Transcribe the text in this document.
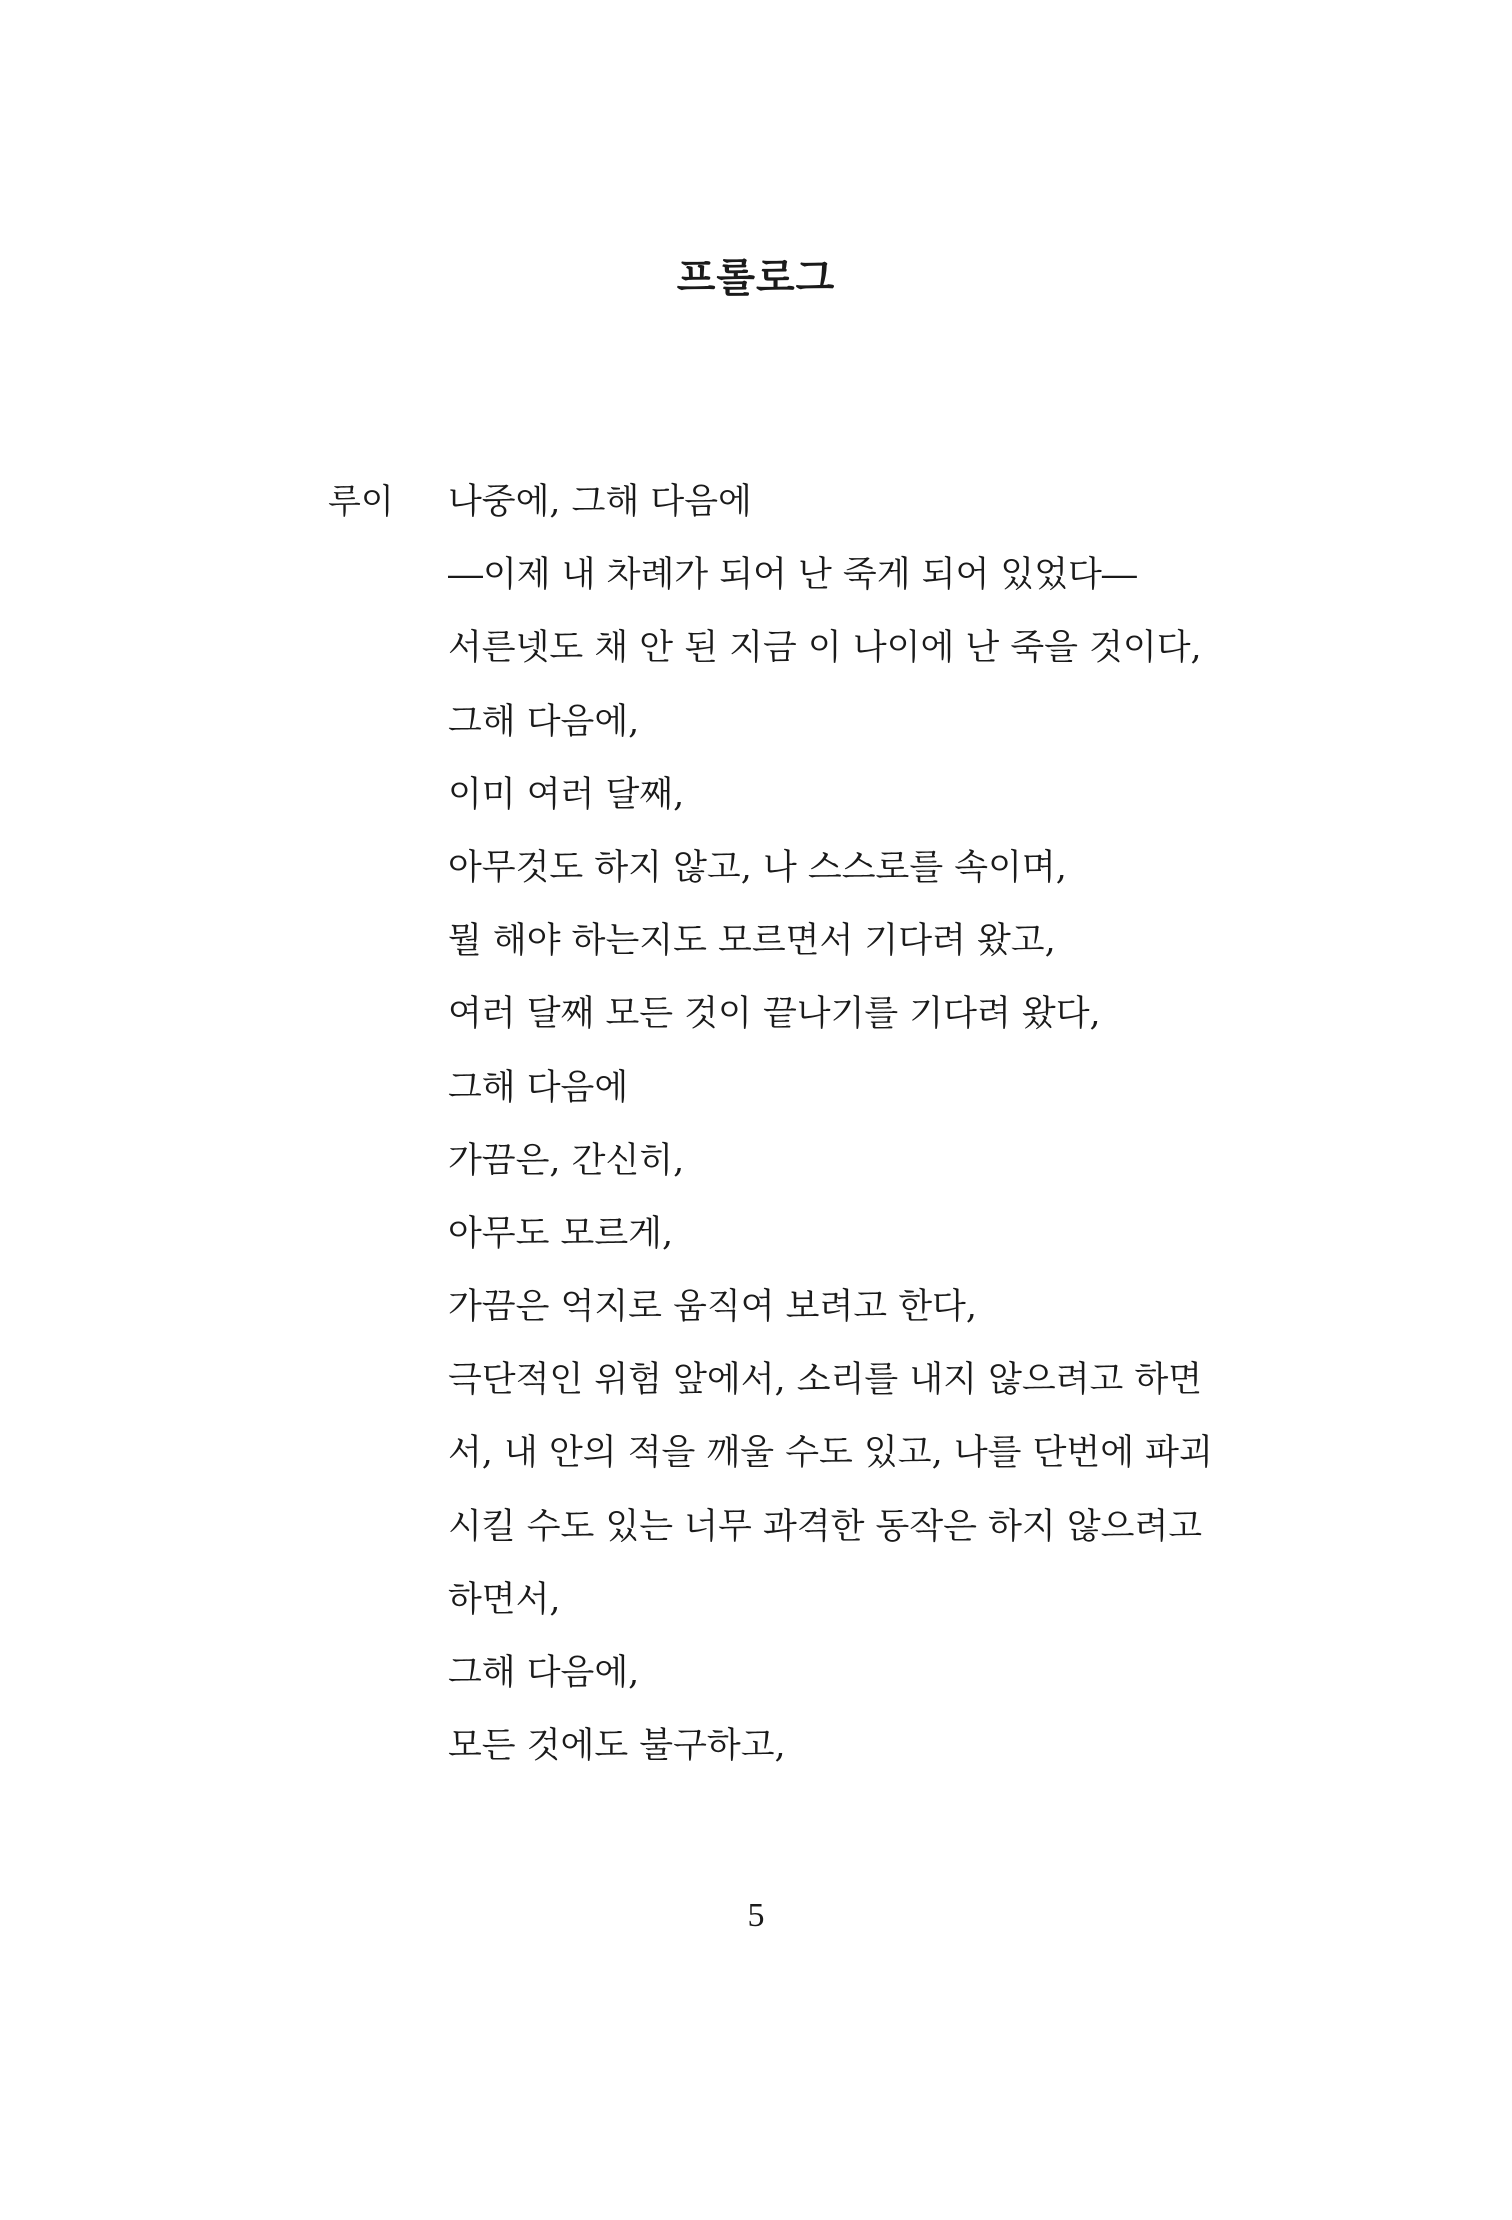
프롤로그
루이 나중에, 그해 다음에
―이제 내 차례가 되어 난 죽게 되어 있었다―
서른넷도 채 안 된 지금 이 나이에 난 죽을 것이다,
그해 다음에,
이미 여러 달째,
아무것도 하지 않고, 나 스스로를 속이며,
뭘 해야 하는지도 모르면서 기다려 왔고,
여러 달째 모든 것이 끝나기를 기다려 왔다,
그해 다음에
가끔은, 간신히,
아무도 모르게,
가끔은 억지로 움직여 보려고 한다,
극단적인 위험 앞에서, 소리를 내지 않으려고 하면
서, 내 안의 적을 깨울 수도 있고, 나를 단번에 파괴
시킬 수도 있는 너무 과격한 동작은 하지 않으려고
하면서,
그해 다음에,
모든 것에도 불구하고,
5
